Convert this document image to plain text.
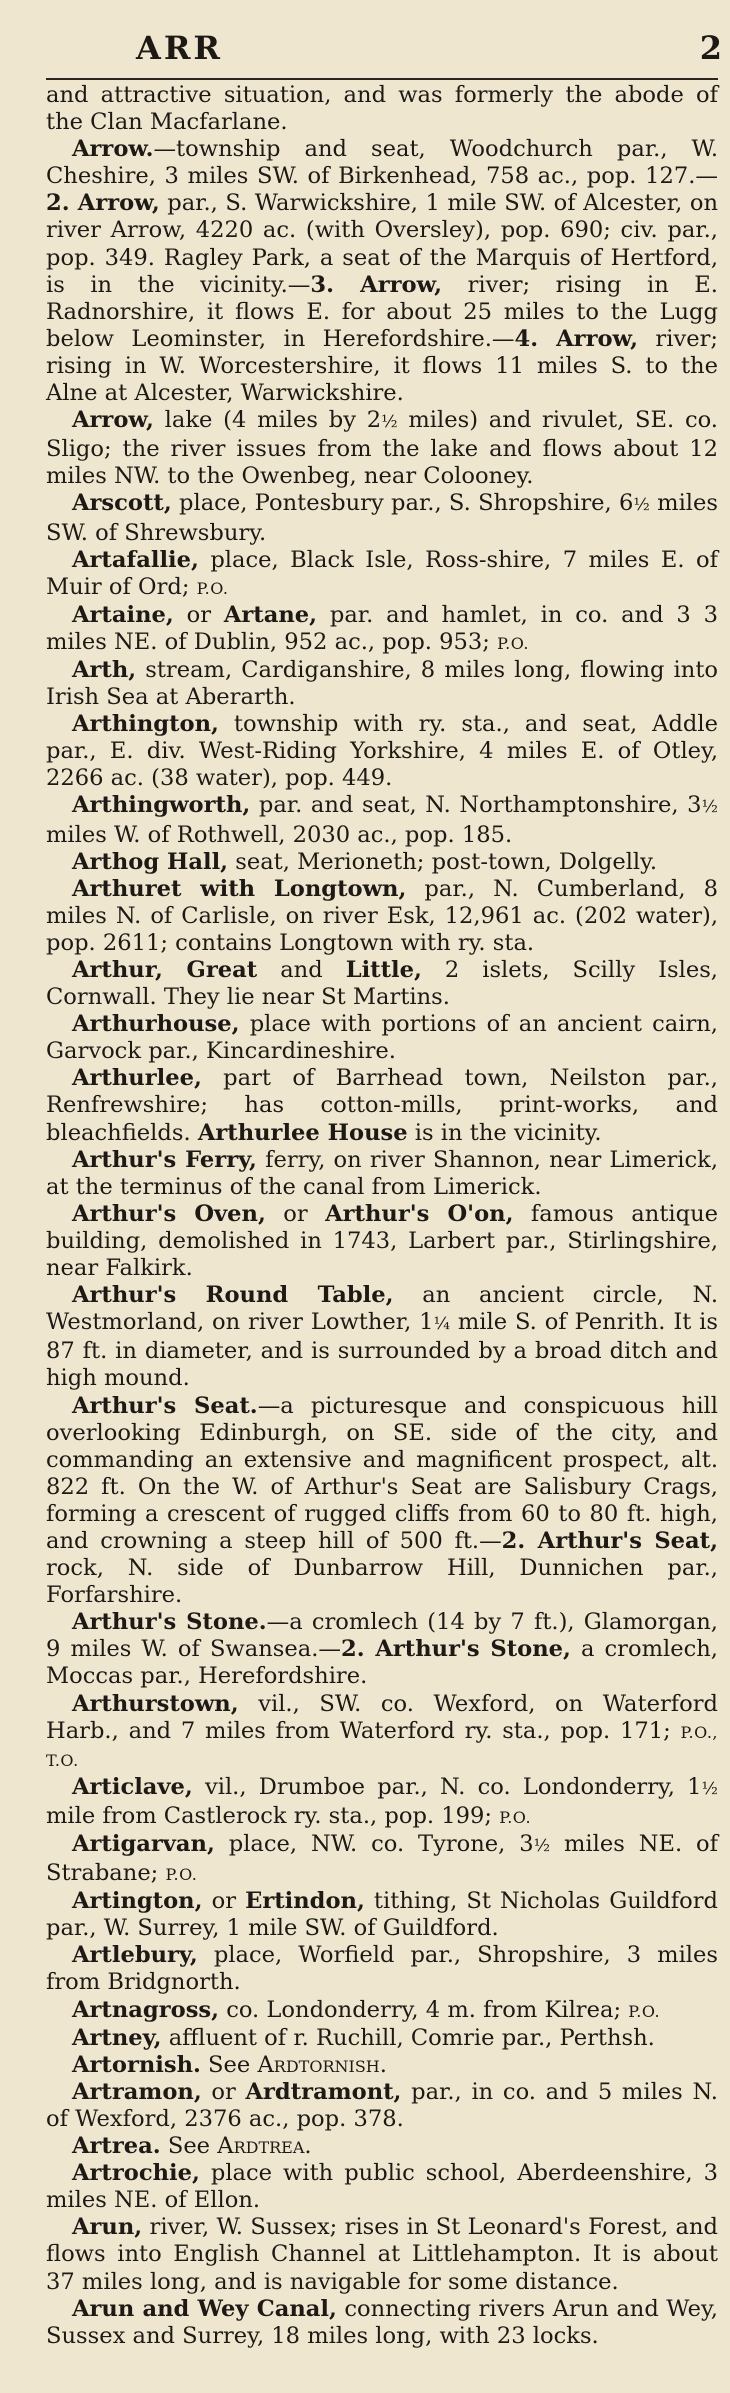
ARR	2

and attractive situation, and was formerly the abode of the Clan Macfarlane.

Arrow.—township and seat, Woodchurch par., W. Cheshire, 3 miles SW. of Birkenhead, 758 ac., pop. 127.—2. Arrow, par., S. Warwickshire, 1 mile SW. of Alcester, on river Arrow, 4220 ac. (with Oversley), pop. 690; civ. par., pop. 349. Ragley Park, a seat of the Marquis of Hertford, is in the vicinity.—3. Arrow, river; rising in E. Radnorshire, it flows E. for about 25 miles to the Lugg below Leominster, in Herefordshire.—4. Arrow, river; rising in W. Worcestershire, it flows 11 miles S. to the Alne at Alcester, Warwickshire.

Arrow, lake (4 miles by 2½ miles) and rivulet, SE. co. Sligo; the river issues from the lake and flows about 12 miles NW. to the Owenbeg, near Colooney.

Arscott, place, Pontesbury par., S. Shropshire, 6½ miles SW. of Shrewsbury.

Artafallie, place, Black Isle, Ross-shire, 7 miles E. of Muir of Ord; P.O.

Artaine, or Artane, par. and hamlet, in co. and 3 3 miles NE. of Dublin, 952 ac., pop. 953; P.O.

Arth, stream, Cardiganshire, 8 miles long, flowing into Irish Sea at Aberarth.

Arthington, township with ry. sta., and seat, Addle par., E. div. West-Riding Yorkshire, 4 miles E. of Otley, 2266 ac. (38 water), pop. 449.

Arthingworth, par. and seat, N. Northamptonshire, 3½ miles W. of Rothwell, 2030 ac., pop. 185.

Arthog Hall, seat, Merioneth; post-town, Dolgelly.

Arthuret with Longtown, par., N. Cumberland, 8 miles N. of Carlisle, on river Esk, 12,961 ac. (202 water), pop. 2611; contains Longtown with ry. sta.

Arthur, Great and Little, 2 islets, Scilly Isles, Cornwall. They lie near St Martins.

Arthurhouse, place with portions of an ancient cairn, Garvock par., Kincardineshire.

Arthurlee, part of Barrhead town, Neilston par., Renfrewshire; has cotton-mills, print-works, and bleachfields. Arthurlee House is in the vicinity.

Arthur's Ferry, ferry, on river Shannon, near Limerick, at the terminus of the canal from Limerick.

Arthur's Oven, or Arthur's O'on, famous antique building, demolished in 1743, Larbert par., Stirlingshire, near Falkirk.

Arthur's Round Table, an ancient circle, N. Westmorland, on river Lowther, 1¼ mile S. of Penrith. It is 87 ft. in diameter, and is surrounded by a broad ditch and high mound.

Arthur's Seat.—a picturesque and conspicuous hill overlooking Edinburgh, on SE. side of the city, and commanding an extensive and magnificent prospect, alt. 822 ft. On the W. of Arthur's Seat are Salisbury Crags, forming a crescent of rugged cliffs from 60 to 80 ft. high, and crowning a steep hill of 500 ft.—2. Arthur's Seat, rock, N. side of Dunbarrow Hill, Dunnichen par., Forfarshire.

Arthur's Stone.—a cromlech (14 by 7 ft.), Glamorgan, 9 miles W. of Swansea.—2. Arthur's Stone, a cromlech, Moccas par., Herefordshire.

Arthurstown, vil., SW. co. Wexford, on Waterford Harb., and 7 miles from Waterford ry. sta., pop. 171; P.O., T.O.

Articlave, vil., Drumboe par., N. co. Londonderry, 1½ mile from Castlerock ry. sta., pop. 199; P.O.

Artigarvan, place, NW. co. Tyrone, 3½ miles NE. of Strabane; P.O.

Artington, or Ertindon, tithing, St Nicholas Guildford par., W. Surrey, 1 mile SW. of Guildford.

Artlebury, place, Worfield par., Shropshire, 3 miles from Bridgnorth.

Artnagross, co. Londonderry, 4 m. from Kilrea; P.O.

Artney, affluent of r. Ruchill, Comrie par., Perthsh.

Artornish. See Ardtornish.

Artramon, or Ardtramont, par., in co. and 5 miles N. of Wexford, 2376 ac., pop. 378.

Artrea. See Ardtrea.

Artrochie, place with public school, Aberdeenshire, 3 miles NE. of Ellon.

Arun, river, W. Sussex; rises in St Leonard's Forest, and flows into English Channel at Littlehampton. It is about 37 miles long, and is navigable for some distance.

Arun and Wey Canal, connecting rivers Arun and Wey, Sussex and Surrey, 18 miles long, with 23 locks.
